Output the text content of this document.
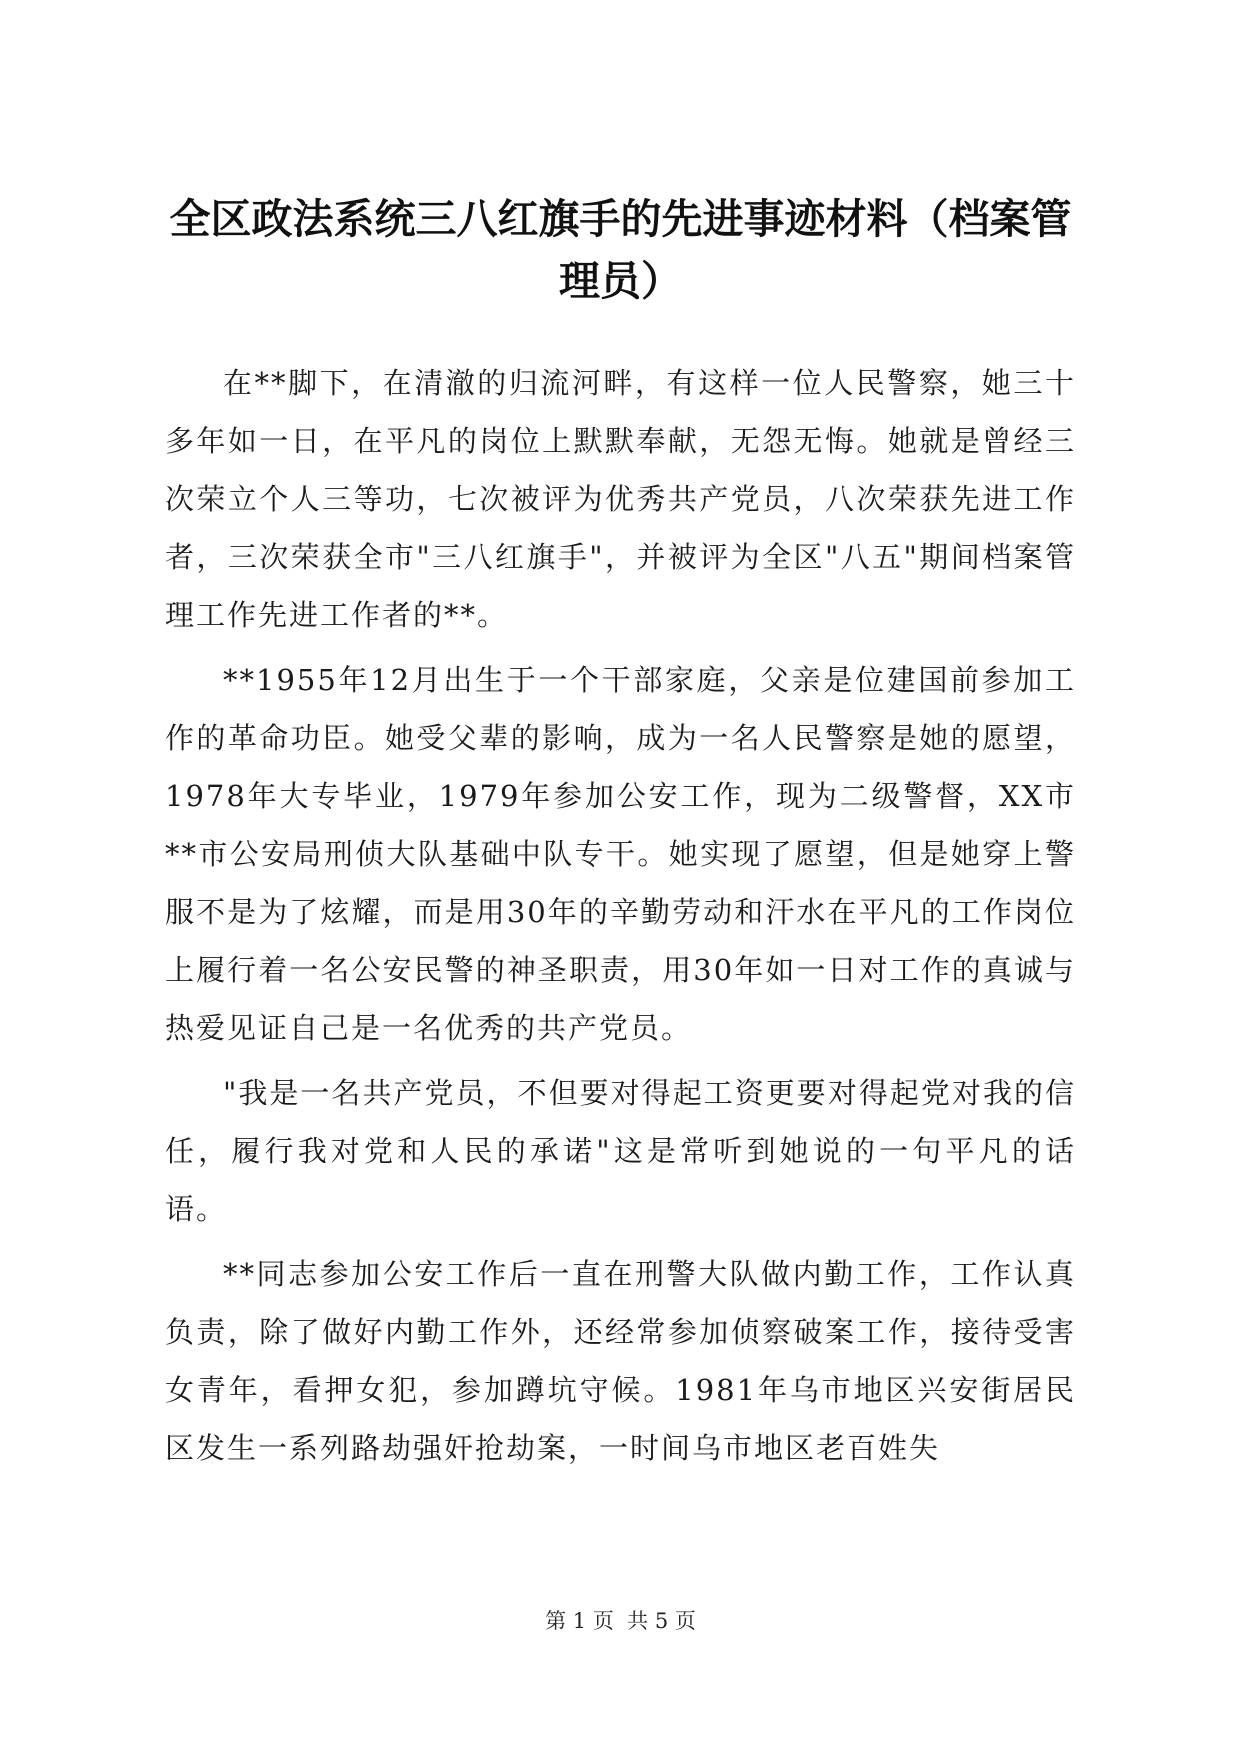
全区政法系统三八红旗手的先进事迹材料（档案管理员）

在**脚下，在清澈的归流河畔，有这样一位人民警察，她三十多年如一日，在平凡的岗位上默默奉献，无怨无悔。她就是曾经三次荣立个人三等功，七次被评为优秀共产党员，八次荣获先进工作者，三次荣获全市"三八红旗手"，并被评为全区"八五"期间档案管理工作先进工作者的**。

**1955年12月出生于一个干部家庭，父亲是位建国前参加工作的革命功臣。她受父辈的影响，成为一名人民警察是她的愿望，1978年大专毕业，1979年参加公安工作，现为二级警督，XX市**市公安局刑侦大队基础中队专干。她实现了愿望，但是她穿上警服不是为了炫耀，而是用30年的辛勤劳动和汗水在平凡的工作岗位上履行着一名公安民警的神圣职责，用30年如一日对工作的真诚与热爱见证自己是一名优秀的共产党员。

"我是一名共产党员，不但要对得起工资更要对得起党对我的信任，履行我对党和人民的承诺"这是常听到她说的一句平凡的话语。

**同志参加公安工作后一直在刑警大队做内勤工作，工作认真负责，除了做好内勤工作外，还经常参加侦察破案工作，接待受害女青年，看押女犯，参加蹲坑守候。1981年乌市地区兴安街居民区发生一系列路劫强奸抢劫案，一时间乌市地区老百姓失

第 1 页  共 5 页
